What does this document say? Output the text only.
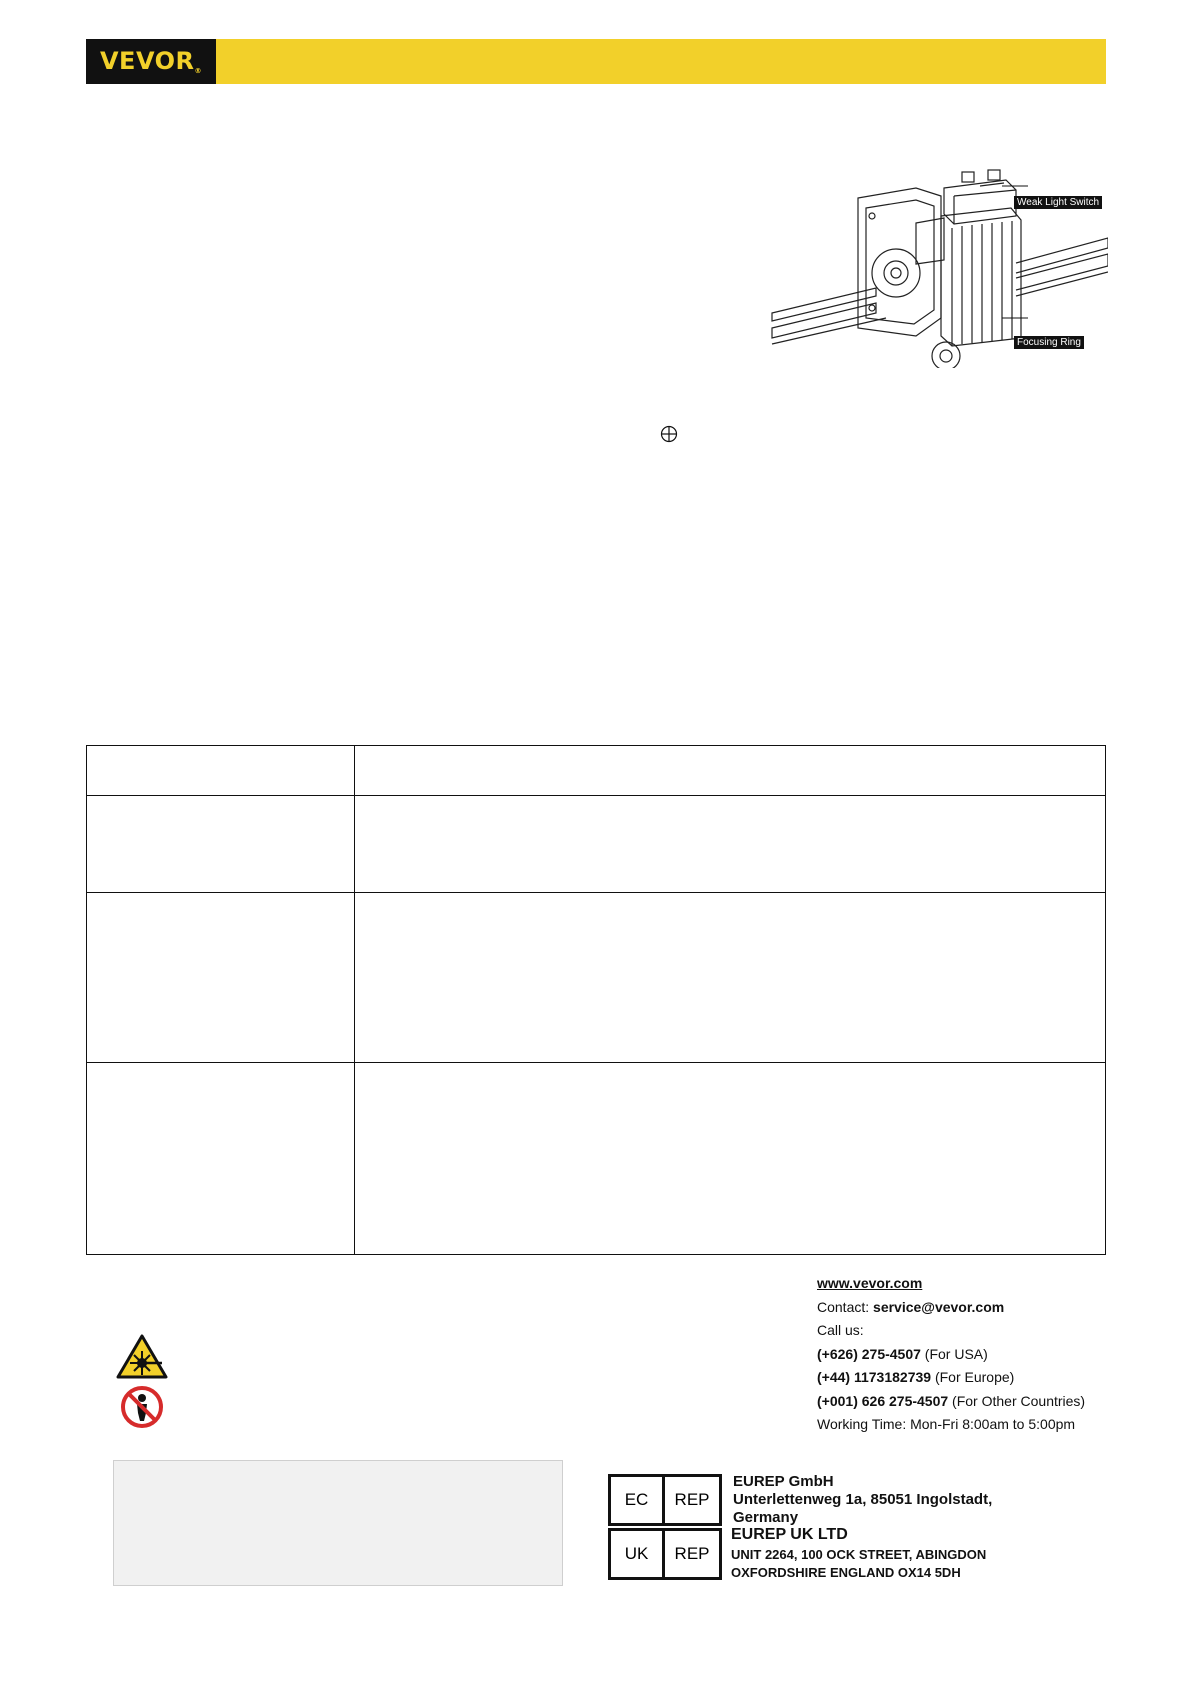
VEVOR®
Weak Light Switch
Focusing Ring

www.vevor.com
Contact: service@vevor.com
Call us:
(+626) 275-4507 (For USA)
(+44) 1173182739 (For Europe)
(+001) 626 275-4507 (For Other Countries)
Working Time: Mon-Fri 8:00am to 5:00pm
EC	REP
EUREP GmbH
Unterlettenweg 1a, 85051 Ingolstadt,
Germany
UK	REP
EUREP UK LTD
UNIT 2264, 100 OCK STREET, ABINGDON
OXFORDSHIRE ENGLAND OX14 5DH
